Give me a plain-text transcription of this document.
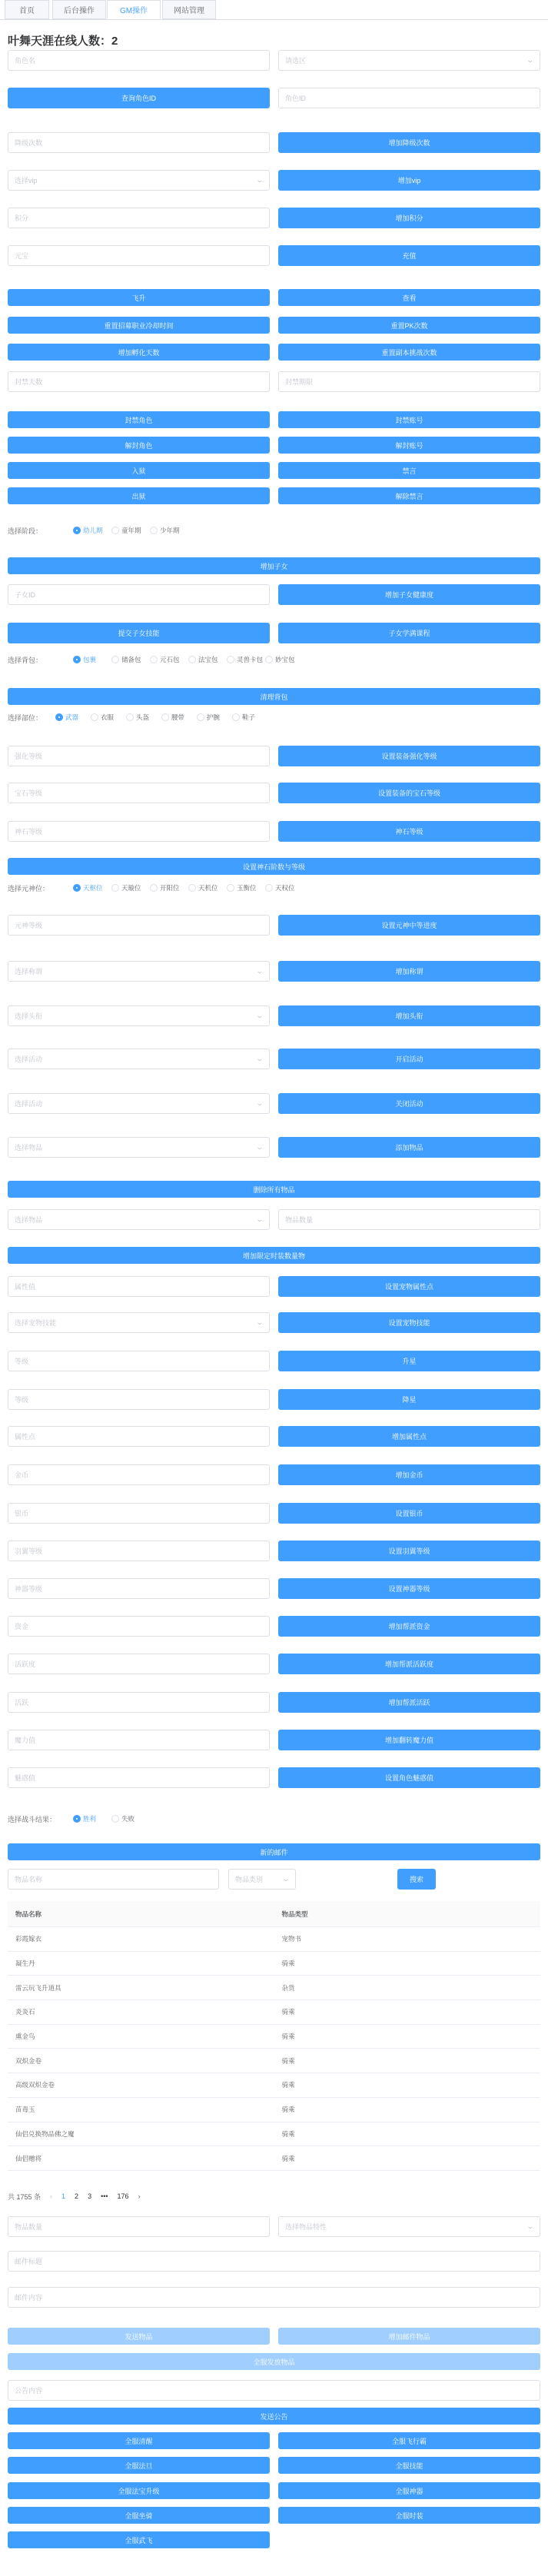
首页	后台操作	GM操作	网站管理
叶舞天涯在线人数：2
角色名	请选区	⌄
查询角色ID	角色ID
降级次数	增加降级次数
选择vip	⌄	增加vip
积分	增加积分
元宝	充值
飞升	查看
重置招募职业冷却时间	重置PK次数
增加孵化天数	重置副本挑战次数
封禁天数	封禁期限
封禁角色	封禁账号
解封角色	解封账号
入狱	禁言
出狱	解除禁言
选择阶段：	幼儿期	童年期	少年期
增加子女
子女ID	增加子女健康度
提交子女技能	子女学满课程
选择背包：	包裹	储备包	元石包	法宝包	灵兽卡包 妙宝包
清理背包
选择部位：	武器	衣服	头盔	腰带	护腕	鞋子
强化等级	设置装备强化等级
宝石等级	设置装备的宝石等级
神石等级	神石等级
设置神石阶数与等级
选择元神位：	天枢位	天璇位	开阳位	天机位	玉衡位	天权位
元神等级	设置元神中等进度
选择称谓	⌄	增加称谓
选择头衔	⌄	增加头衔
选择活动	⌄	开启活动
选择活动	⌄	关闭活动
选择物品	⌄	添加物品
删除所有物品
选择物品	⌄	物品数量
增加限定时装数量物
属性值	设置宠物属性点
选择宠物技能	⌄	设置宠物技能
等级	升星
等级	降星
属性点	增加属性点
金币	增加金币
银币	设置银币
羽翼等级	设置羽翼等级
神器等级	设置神器等级
资金	增加帮派资金
活跃度	增加帮派活跃度
活跃	增加帮派活跃
魔力值	增加翻转魔力值
魅惑值	设置角色魅惑值
选择战斗结果：	胜利	失败
新的邮件
物品名称	物品类别	⌄	搜索
物品名称	物品类型
彩霞嫁衣	宠物书
凝生丹	骑乘
雷云玩飞升道具	杂货
炎炎石	骑乘
熏金鸟	骑乘
双炽金卷	骑乘
高级双炽金卷	骑乘
苗毒玉	骑乘
仙侣兑换物品佛之魔	骑乘
仙侣赠将	骑乘
共 1755 条 ‹ 1 2 3 ••• 176 ›
物品数量	选择物品特性	⌄
邮件标题
邮件内容
发送物品	增加邮件物品
全服发放物品
公告内容
发送公告
全服清醒	全服飞行霸
全服法旦	全服技能
全服法宝升级	全服神器
全服坐骑	全服时装
全服武飞
